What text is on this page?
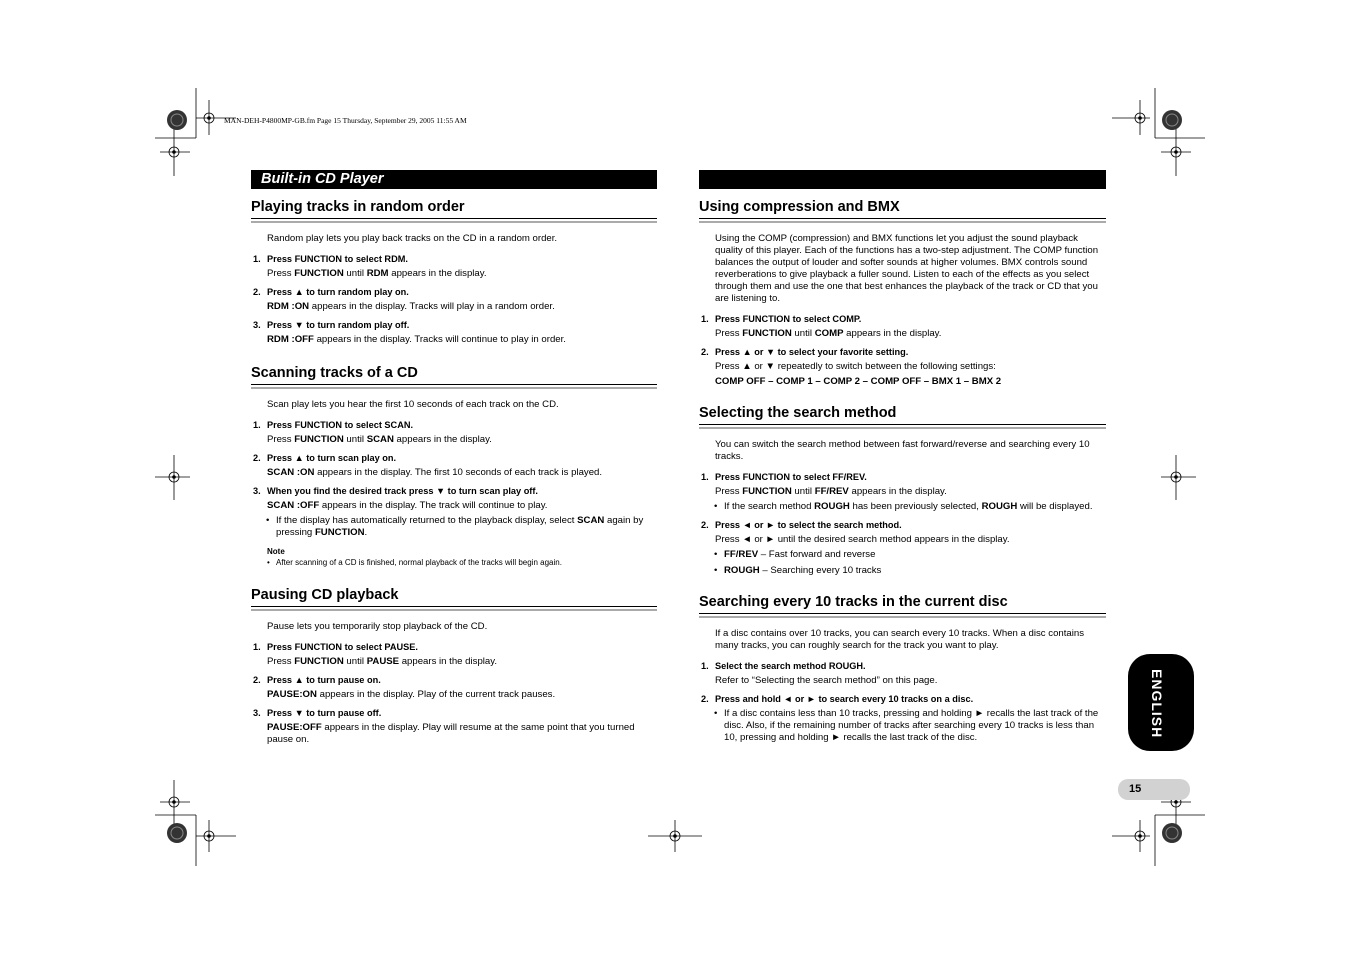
MAN-DEH-P4800MP-GB.fm Page 15 Thursday, September 29, 2005 11:55 AM
Built-in CD Player
Playing tracks in random order
Random play lets you play back tracks on the CD in a random order.
1. Press FUNCTION to select RDM.
Press FUNCTION until RDM appears in the display.
2. Press ▲ to turn random play on.
RDM :ON appears in the display. Tracks will play in a random order.
3. Press ▼ to turn random play off.
RDM :OFF appears in the display. Tracks will continue to play in order.
Scanning tracks of a CD
Scan play lets you hear the first 10 seconds of each track on the CD.
1. Press FUNCTION to select SCAN.
Press FUNCTION until SCAN appears in the display.
2. Press ▲ to turn scan play on.
SCAN :ON appears in the display. The first 10 seconds of each track is played.
3. When you find the desired track press ▼ to turn scan play off.
SCAN :OFF appears in the display. The track will continue to play.
• If the display has automatically returned to the playback display, select SCAN again by pressing FUNCTION.
Note
• After scanning of a CD is finished, normal playback of the tracks will begin again.
Pausing CD playback
Pause lets you temporarily stop playback of the CD.
1. Press FUNCTION to select PAUSE.
Press FUNCTION until PAUSE appears in the display.
2. Press ▲ to turn pause on.
PAUSE:ON appears in the display. Play of the current track pauses.
3. Press ▼ to turn pause off.
PAUSE:OFF appears in the display. Play will resume at the same point that you turned pause on.
Using compression and BMX
Using the COMP (compression) and BMX functions let you adjust the sound playback quality of this player. Each of the functions has a two-step adjustment. The COMP function balances the output of louder and softer sounds at higher volumes. BMX controls sound reverberations to give playback a fuller sound. Listen to each of the effects as you select through them and use the one that best enhances the playback of the track or CD that you are listening to.
1. Press FUNCTION to select COMP.
Press FUNCTION until COMP appears in the display.
2. Press ▲ or ▼ to select your favorite setting.
Press ▲ or ▼ repeatedly to switch between the following settings:
COMP OFF – COMP 1 – COMP 2 – COMP OFF – BMX 1 – BMX 2
Selecting the search method
You can switch the search method between fast forward/reverse and searching every 10 tracks.
1. Press FUNCTION to select FF/REV.
Press FUNCTION until FF/REV appears in the display.
• If the search method ROUGH has been previously selected, ROUGH will be displayed.
2. Press ◄ or ► to select the search method.
Press ◄ or ► until the desired search method appears in the display.
• FF/REV – Fast forward and reverse
• ROUGH – Searching every 10 tracks
Searching every 10 tracks in the current disc
If a disc contains over 10 tracks, you can search every 10 tracks. When a disc contains many tracks, you can roughly search for the track you want to play.
1. Select the search method ROUGH.
Refer to “Selecting the search method” on this page.
2. Press and hold ◄ or ► to search every 10 tracks on a disc.
• If a disc contains less than 10 tracks, pressing and holding ► recalls the last track of the disc. Also, if the remaining number of tracks after searching every 10 tracks is less than 10, pressing and holding ► recalls the last track of the disc.	ENGLISH
15
